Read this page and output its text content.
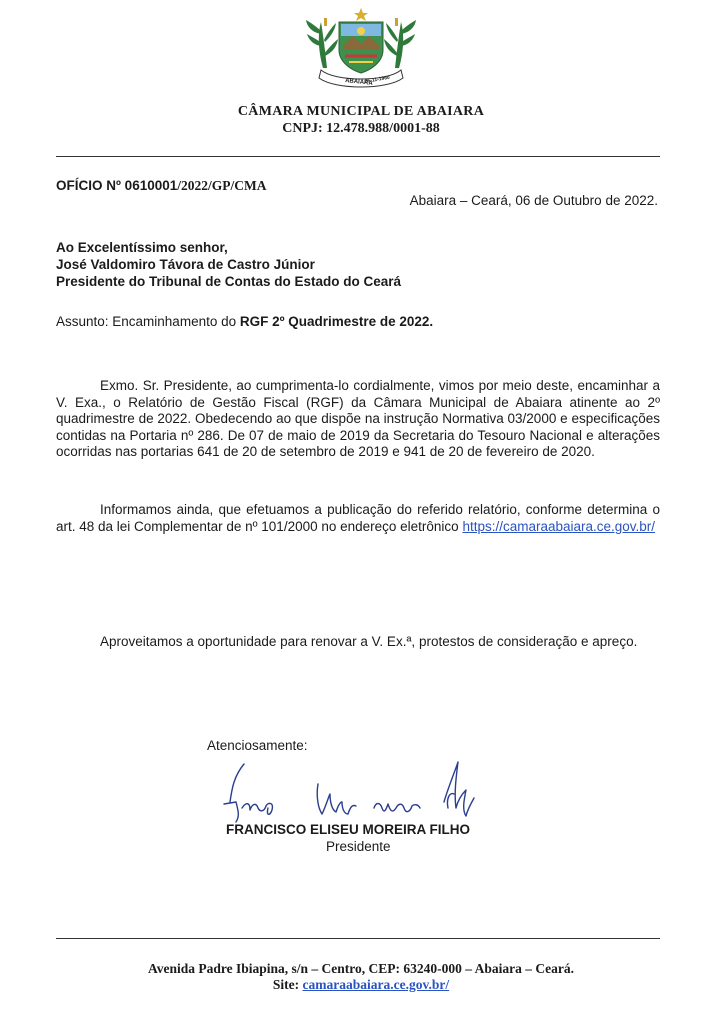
ABAIARA
25-11-1960
CÂMARA MUNICIPAL DE ABAIARA
CNPJ: 12.478.988/0001-88
OFÍCIO Nº 0610001/2022/GP/CMA
Abaiara – Ceará, 06 de Outubro de 2022.
Ao Excelentíssimo senhor,
José Valdomiro Távora de Castro Júnior
Presidente do Tribunal de Contas do Estado do Ceará
Assunto: Encaminhamento do RGF 2º Quadrimestre de 2022.

Exmo. Sr. Presidente, ao cumprimenta-lo cordialmente, vimos por meio deste, encaminhar a V. Exa., o Relatório de Gestão Fiscal (RGF) da Câmara Municipal de Abaiara atinente ao 2º quadrimestre de 2022. Obedecendo ao que dispõe na instrução Normativa 03/2000 e especificações contidas na Portaria nº 286. De 07 de maio de 2019 da Secretaria do Tesouro Nacional e alterações ocorridas nas portarias 641 de 20 de setembro de 2019 e 941 de 20 de fevereiro de 2020.

Informamos ainda, que efetuamos a publicação do referido relatório, conforme determina o art. 48 da lei Complementar de nº 101/2000 no endereço eletrônico https://camaraabaiara.ce.gov.br/

Aproveitamos a oportunidade para renovar a V. Ex.ª, protestos de consideração e apreço.

Atenciosamente:
FRANCISCO ELISEU MOREIRA FILHO
Presidente
Avenida Padre Ibiapina, s/n – Centro, CEP: 63240-000 – Abaiara – Ceará.
Site: camaraabaiara.ce.gov.br/
